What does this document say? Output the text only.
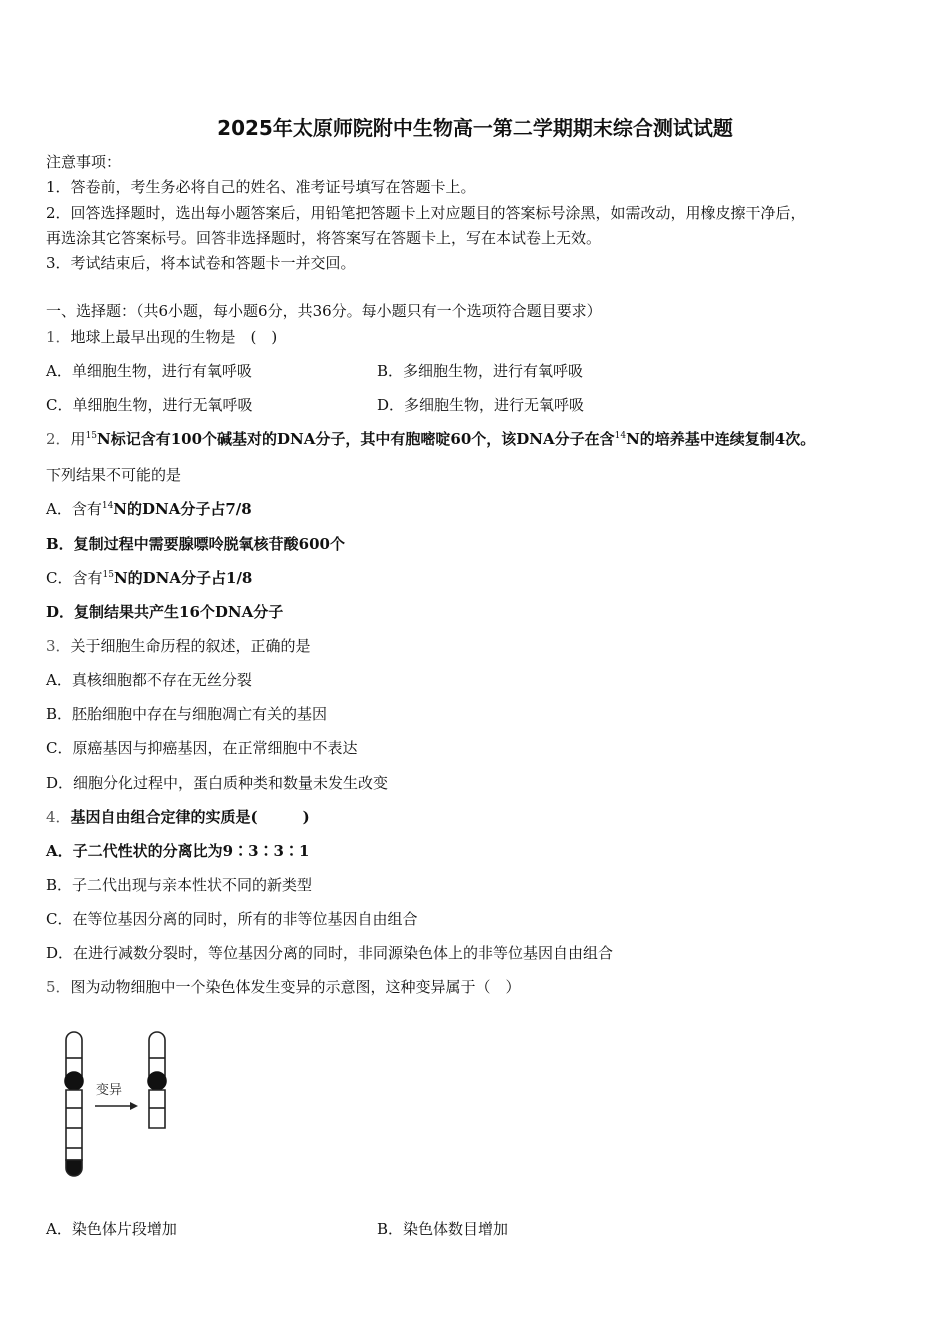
2025年太原师院附中生物高一第二学期期末综合测试试题
注意事项：
1．答卷前，考生务必将自己的姓名、准考证号填写在答题卡上。
2．回答选择题时，选出每小题答案后，用铅笔把答题卡上对应题目的答案标号涂黑，如需改动，用橡皮擦干净后，
再选涂其它答案标号。回答非选择题时，将答案写在答题卡上，写在本试卷上无效。
3．考试结束后，将本试卷和答题卡一并交回。
一、选择题：（共6小题，每小题6分，共36分。每小题只有一个选项符合题目要求）
1．地球上最早出现的生物是　(　)
A．单细胞生物，进行有氧呼吸	B．多细胞生物，进行有氧呼吸
C．单细胞生物，进行无氧呼吸	D．多细胞生物，进行无氧呼吸
2．用$^{15}$N标记含有100个碱基对的DNA分子，其中有胞嘧啶60个，该DNA分子在含$^{14}$N的培养基中连续复制4次。
下列结果不可能的是
A．含有$^{14}$N的DNA分子占7/8
B．复制过程中需要腺嘌呤脱氧核苷酸600个
C．含有$^{15}$N的DNA分子占1/8
D．复制结果共产生16个DNA分子
3．关于细胞生命历程的叙述，正确的是
A．真核细胞都不存在无丝分裂
B．胚胎细胞中存在与细胞凋亡有关的基因
C．原癌基因与抑癌基因，在正常细胞中不表达
D．细胞分化过程中，蛋白质种类和数量未发生改变
4．基因自由组合定律的实质是(　　　)
A．子二代性状的分离比为9∶3∶3∶1
B．子二代出现与亲本性状不同的新类型
C．在等位基因分离的同时，所有的非等位基因自由组合
D．在进行减数分裂时，等位基因分离的同时，非同源染色体上的非等位基因自由组合
5．图为动物细胞中一个染色体发生变异的示意图，这种变异属于（　）
变异
A．染色体片段增加	B．染色体数目增加
